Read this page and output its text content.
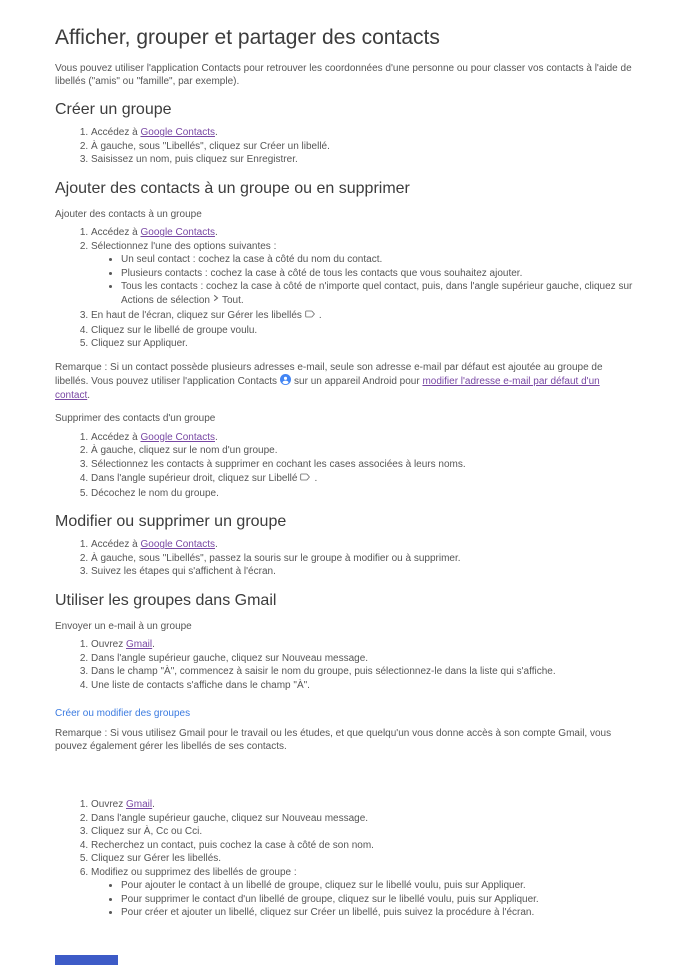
Afficher, grouper et partager des contacts

Vous pouvez utiliser l'application Contacts pour retrouver les coordonnées d'une personne ou pour classer vos contacts à l'aide de libellés ("amis" ou "famille", par exemple).

Créer un groupe
1. Accédez à Google Contacts.
2. À gauche, sous "Libellés", cliquez sur Créer un libellé.
3. Saisissez un nom, puis cliquez sur Enregistrer.
Ajouter des contacts à un groupe ou en supprimer

Ajouter des contacts à un groupe

1. Accédez à Google Contacts.
2. Sélectionnez l'une des options suivantes :
• Un seul contact : cochez la case à côté du nom du contact.
• Plusieurs contacts : cochez la case à côté de tous les contacts que vous souhaitez ajouter.
• Tous les contacts : cochez la case à côté de n'importe quel contact, puis, dans l'angle supérieur gauche, cliquez sur Actions de sélection Tout.
3. En haut de l'écran, cliquez sur Gérer les libellés .
4. Cliquez sur le libellé de groupe voulu.
5. Cliquez sur Appliquer.

Remarque : Si un contact possède plusieurs adresses e-mail, seule son adresse e-mail par défaut est ajoutée au groupe de libellés. Vous pouvez utiliser l'application Contacts sur un appareil Android pour modifier l'adresse e-mail par défaut d'un contact.

Supprimer des contacts d'un groupe

1. Accédez à Google Contacts.
2. À gauche, cliquez sur le nom d'un groupe.
3. Sélectionnez les contacts à supprimer en cochant les cases associées à leurs noms.
4. Dans l'angle supérieur droit, cliquez sur Libellé .
5. Décochez le nom du groupe.
Modifier ou supprimer un groupe
1. Accédez à Google Contacts.
2. À gauche, sous "Libellés", passez la souris sur le groupe à modifier ou à supprimer.
3. Suivez les étapes qui s'affichent à l'écran.
Utiliser les groupes dans Gmail

Envoyer un e-mail à un groupe

1. Ouvrez Gmail.
2. Dans l'angle supérieur gauche, cliquez sur Nouveau message.
3. Dans le champ "À", commencez à saisir le nom du groupe, puis sélectionnez-le dans la liste qui s'affiche.
4. Une liste de contacts s'affiche dans le champ "À".
Créer ou modifier des groupes

Remarque : Si vous utilisez Gmail pour le travail ou les études, et que quelqu'un vous donne accès à son compte Gmail, vous pouvez également gérer les libellés de ses contacts.

1. Ouvrez Gmail.
2. Dans l'angle supérieur gauche, cliquez sur Nouveau message.
3. Cliquez sur À, Cc ou Cci.
4. Recherchez un contact, puis cochez la case à côté de son nom.
5. Cliquez sur Gérer les libellés.
6. Modifiez ou supprimez des libellés de groupe :
• Pour ajouter le contact à un libellé de groupe, cliquez sur le libellé voulu, puis sur Appliquer.
• Pour supprimer le contact d'un libellé de groupe, cliquez sur le libellé voulu, puis sur Appliquer.
• Pour créer et ajouter un libellé, cliquez sur Créer un libellé, puis suivez la procédure à l'écran.
